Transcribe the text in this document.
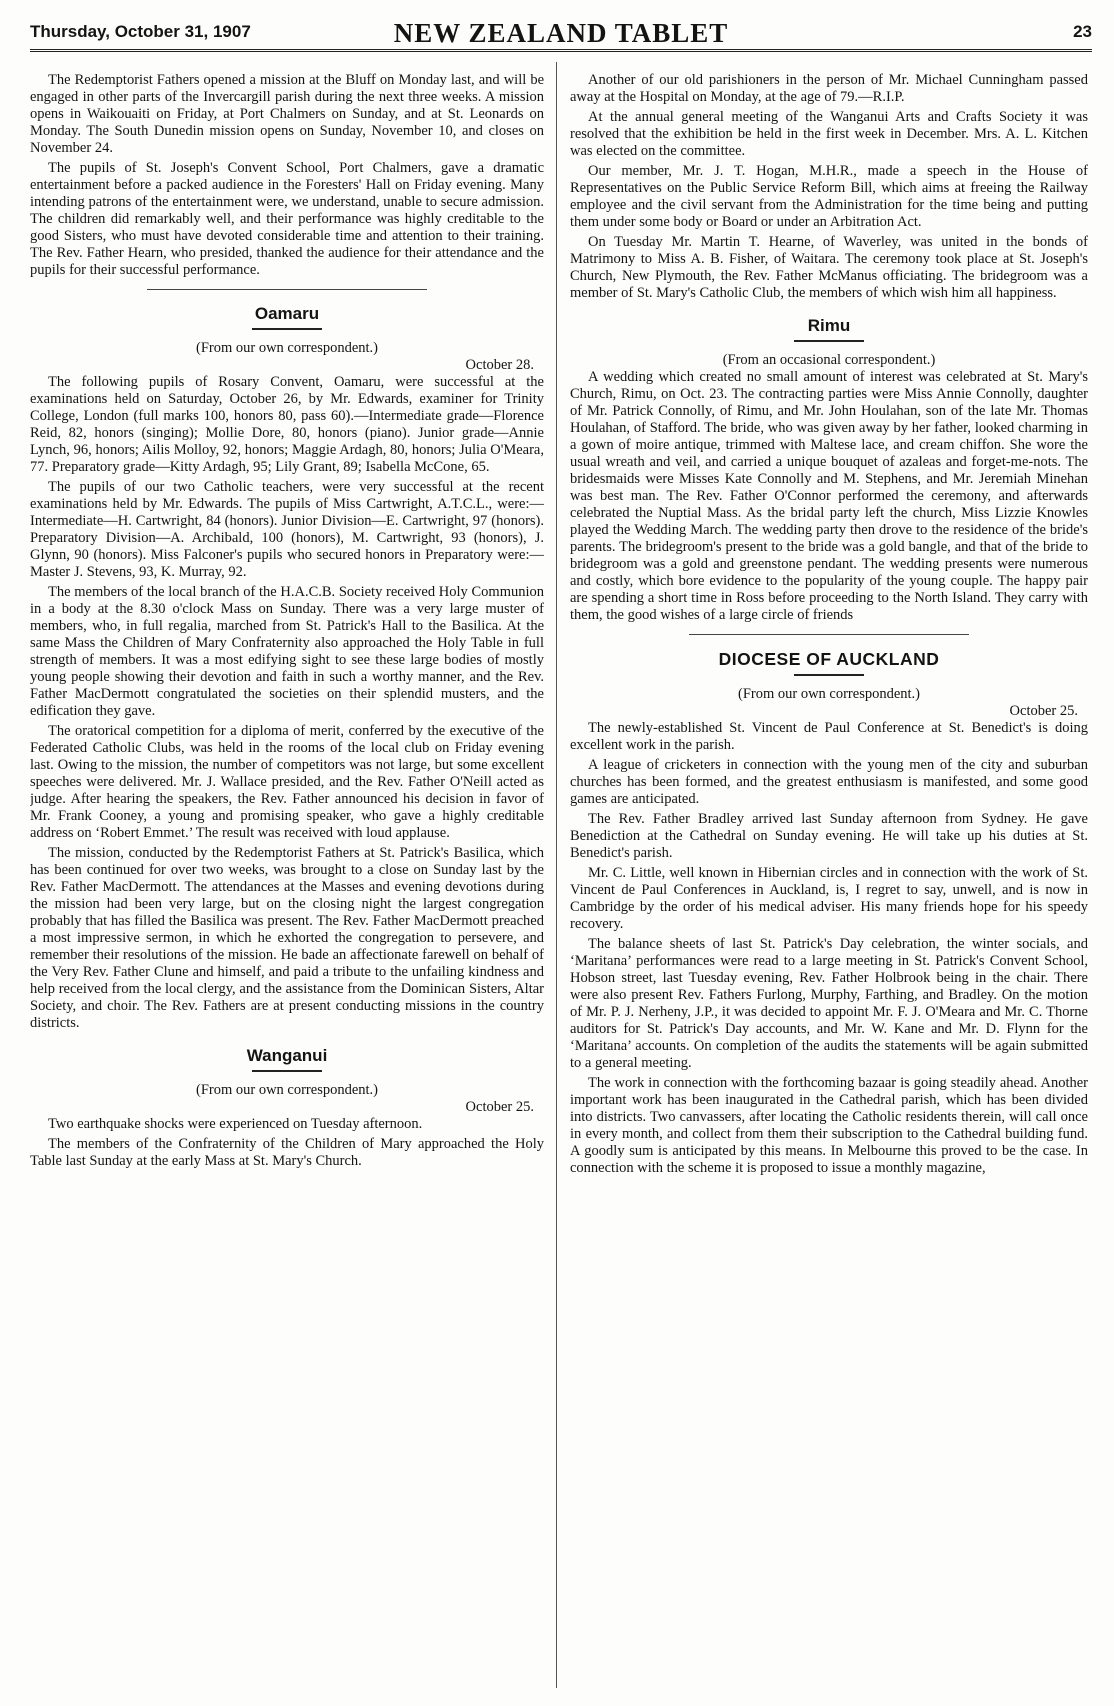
Thursday, October 31, 1907	NEW ZEALAND TABLET	23

The Redemptorist Fathers opened a mission at the Bluff on Monday last, and will be engaged in other parts of the Invercargill parish during the next three weeks. A mission opens in Waikouaiti on Friday, at Port Chalmers on Sunday, and at St. Leonards on Monday. The South Dunedin mission opens on Sunday, November 10, and closes on November 24.

The pupils of St. Joseph's Convent School, Port Chalmers, gave a dramatic entertainment before a packed audience in the Foresters' Hall on Friday evening. Many intending patrons of the entertainment were, we understand, unable to secure admission. The children did remarkably well, and their performance was highly creditable to the good Sisters, who must have devoted considerable time and attention to their training. The Rev. Father Hearn, who presided, thanked the audience for their attendance and the pupils for their successful performance.

Oamaru
(From our own correspondent.)
October 28.

The following pupils of Rosary Convent, Oamaru, were successful at the examinations held on Saturday, October 26, by Mr. Edwards, examiner for Trinity College, London (full marks 100, honors 80, pass 60).—Intermediate grade—Florence Reid, 82, honors (singing); Mollie Dore, 80, honors (piano). Junior grade—Annie Lynch, 96, honors; Ailis Molloy, 92, honors; Maggie Ardagh, 80, honors; Julia O'Meara, 77. Preparatory grade—Kitty Ardagh, 95; Lily Grant, 89; Isabella McCone, 65.

The pupils of our two Catholic teachers, were very successful at the recent examinations held by Mr. Edwards. The pupils of Miss Cartwright, A.T.C.L., were:—Intermediate—H. Cartwright, 84 (honors). Junior Division—E. Cartwright, 97 (honors). Preparatory Division—A. Archibald, 100 (honors), M. Cartwright, 93 (honors), J. Glynn, 90 (honors). Miss Falconer's pupils who secured honors in Preparatory were:—Master J. Stevens, 93, K. Murray, 92.

The members of the local branch of the H.A.C.B. Society received Holy Communion in a body at the 8.30 o'clock Mass on Sunday. There was a very large muster of members, who, in full regalia, marched from St. Patrick's Hall to the Basilica. At the same Mass the Children of Mary Confraternity also approached the Holy Table in full strength of members. It was a most edifying sight to see these large bodies of mostly young people showing their devotion and faith in such a worthy manner, and the Rev. Father MacDermott congratulated the societies on their splendid musters, and the edification they gave.

The oratorical competition for a diploma of merit, conferred by the executive of the Federated Catholic Clubs, was held in the rooms of the local club on Friday evening last. Owing to the mission, the number of competitors was not large, but some excellent speeches were delivered. Mr. J. Wallace presided, and the Rev. Father O'Neill acted as judge. After hearing the speakers, the Rev. Father announced his decision in favor of Mr. Frank Cooney, a young and promising speaker, who gave a highly creditable address on ‘Robert Emmet.’ The result was received with loud applause.

The mission, conducted by the Redemptorist Fathers at St. Patrick's Basilica, which has been continued for over two weeks, was brought to a close on Sunday last by the Rev. Father MacDermott. The attendances at the Masses and evening devotions during the mission had been very large, but on the closing night the largest congregation probably that has filled the Basilica was present. The Rev. Father MacDermott preached a most impressive sermon, in which he exhorted the congregation to persevere, and remember their resolutions of the mission. He bade an affectionate farewell on behalf of the Very Rev. Father Clune and himself, and paid a tribute to the unfailing kindness and help received from the local clergy, and the assistance from the Dominican Sisters, Altar Society, and choir. The Rev. Fathers are at present conducting missions in the country districts.

Wanganui
(From our own correspondent.)
October 25.

Two earthquake shocks were experienced on Tuesday afternoon.

The members of the Confraternity of the Children of Mary approached the Holy Table last Sunday at the early Mass at St. Mary's Church.

Another of our old parishioners in the person of Mr. Michael Cunningham passed away at the Hospital on Monday, at the age of 79.—R.I.P.

At the annual general meeting of the Wanganui Arts and Crafts Society it was resolved that the exhibition be held in the first week in December. Mrs. A. L. Kitchen was elected on the committee.

Our member, Mr. J. T. Hogan, M.H.R., made a speech in the House of Representatives on the Public Service Reform Bill, which aims at freeing the Railway employee and the civil servant from the Administration for the time being and putting them under some body or Board or under an Arbitration Act.

On Tuesday Mr. Martin T. Hearne, of Waverley, was united in the bonds of Matrimony to Miss A. B. Fisher, of Waitara. The ceremony took place at St. Joseph's Church, New Plymouth, the Rev. Father McManus officiating. The bridegroom was a member of St. Mary's Catholic Club, the members of which wish him all happiness.

Rimu
(From an occasional correspondent.)

A wedding which created no small amount of interest was celebrated at St. Mary's Church, Rimu, on Oct. 23. The contracting parties were Miss Annie Connolly, daughter of Mr. Patrick Connolly, of Rimu, and Mr. John Houlahan, son of the late Mr. Thomas Houlahan, of Stafford. The bride, who was given away by her father, looked charming in a gown of moire antique, trimmed with Maltese lace, and cream chiffon. She wore the usual wreath and veil, and carried a unique bouquet of azaleas and forget-me-nots. The bridesmaids were Misses Kate Connolly and M. Stephens, and Mr. Jeremiah Minehan was best man. The Rev. Father O'Connor performed the ceremony, and afterwards celebrated the Nuptial Mass. As the bridal party left the church, Miss Lizzie Knowles played the Wedding March. The wedding party then drove to the residence of the bride's parents. The bridegroom's present to the bride was a gold bangle, and that of the bride to bridegroom was a gold and greenstone pendant. The wedding presents were numerous and costly, which bore evidence to the popularity of the young couple. The happy pair are spending a short time in Ross before proceeding to the North Island. They carry with them, the good wishes of a large circle of friends

DIOCESE OF AUCKLAND
(From our own correspondent.)
October 25.

The newly-established St. Vincent de Paul Conference at St. Benedict's is doing excellent work in the parish.

A league of cricketers in connection with the young men of the city and suburban churches has been formed, and the greatest enthusiasm is manifested, and some good games are anticipated.

The Rev. Father Bradley arrived last Sunday afternoon from Sydney. He gave Benediction at the Cathedral on Sunday evening. He will take up his duties at St. Benedict's parish.

Mr. C. Little, well known in Hibernian circles and in connection with the work of St. Vincent de Paul Conferences in Auckland, is, I regret to say, unwell, and is now in Cambridge by the order of his medical adviser. His many friends hope for his speedy recovery.

The balance sheets of last St. Patrick's Day celebration, the winter socials, and ‘Maritana’ performances were read to a large meeting in St. Patrick's Convent School, Hobson street, last Tuesday evening, Rev. Father Holbrook being in the chair. There were also present Rev. Fathers Furlong, Murphy, Farthing, and Bradley. On the motion of Mr. P. J. Nerheny, J.P., it was decided to appoint Mr. F. J. O'Meara and Mr. C. Thorne auditors for St. Patrick's Day accounts, and Mr. W. Kane and Mr. D. Flynn for the ‘Maritana’ accounts. On completion of the audits the statements will be again submitted to a general meeting.

The work in connection with the forthcoming bazaar is going steadily ahead. Another important work has been inaugurated in the Cathedral parish, which has been divided into districts. Two canvassers, after locating the Catholic residents therein, will call once in every month, and collect from them their subscription to the Cathedral building fund. A goodly sum is anticipated by this means. In Melbourne this proved to be the case. In connection with the scheme it is proposed to issue a monthly magazine,
